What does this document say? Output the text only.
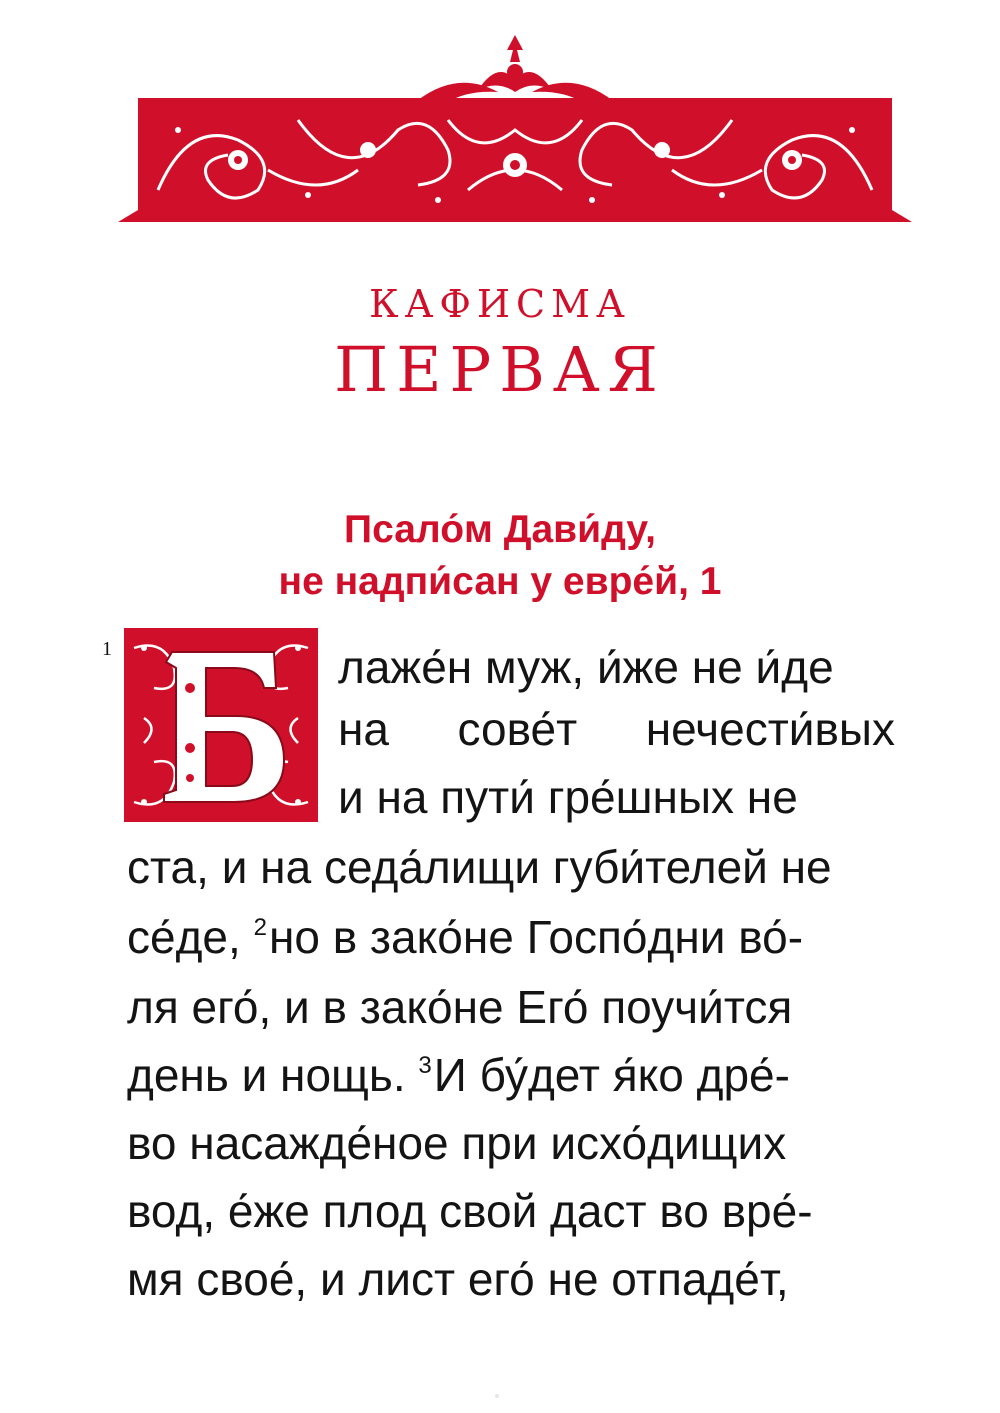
КАФИСМА
ПЕРВАЯ
Псало́м Дави́ду,
не надпи́сан у евре́й, 1
1	лаже́н муж, и́же не и́де
на сове́т нечести́вых
и на пути́ гре́шных не
ста, и на седа́лищи губи́телей не
се́де, $^2$но в зако́не Госпо́дни во́-
ля его́, и в зако́не Его́ поучи́тся
день и нощь. $^3$И бу́дет я́ко дре́-
во насажде́ное при исхо́дищих
вод, е́же плод свой даст во вре́-
мя свое́, и лист его́ не отпаде́т,
